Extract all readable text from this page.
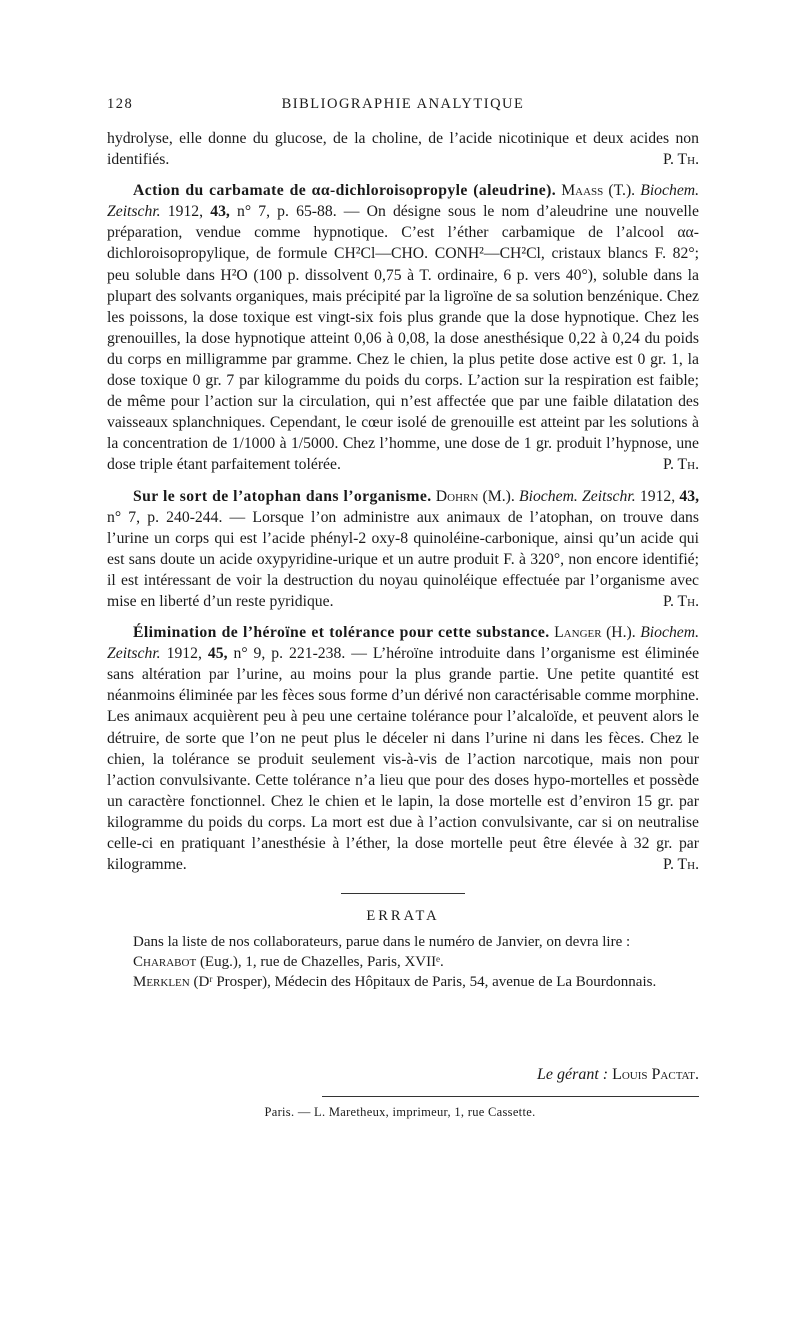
128	BIBLIOGRAPHIE ANALYTIQUE

hydrolyse, elle donne du glucose, de la choline, de l’acide nicotinique et deux acides non identifiés.	P. Th.

Action du carbamate de αα-dichloroisopropyle (aleudrine). Maass (T.). Biochem. Zeitschr. 1912, 43, n° 7, p. 65-88. — On désigne sous le nom d’aleudrine une nouvelle préparation, vendue comme hypnotique. C’est l’éther carbamique de l’alcool αα-dichloroisopropylique, de formule CH²Cl—CHO. CONH²—CH²Cl, cristaux blancs F. 82°; peu soluble dans H²O (100 p. dissolvent 0,75 à T. ordinaire, 6 p. vers 40°), soluble dans la plupart des solvants organiques, mais précipité par la ligroïne de sa solution benzénique. Chez les poissons, la dose toxique est vingt-six fois plus grande que la dose hypnotique. Chez les grenouilles, la dose hypnotique atteint 0,06 à 0,08, la dose anesthésique 0,22 à 0,24 du poids du corps en milligramme par gramme. Chez le chien, la plus petite dose active est 0 gr. 1, la dose toxique 0 gr. 7 par kilogramme du poids du corps. L’action sur la respiration est faible; de même pour l’action sur la circulation, qui n’est affectée que par une faible dilatation des vaisseaux splanchniques. Cependant, le cœur isolé de grenouille est atteint par les solutions à la concentration de 1/1000 à 1/5000. Chez l’homme, une dose de 1 gr. produit l’hypnose, une dose triple étant parfaitement tolérée.	P. Th.

Sur le sort de l’atophan dans l’organisme. Dohrn (M.). Biochem. Zeitschr. 1912, 43, n° 7, p. 240-244. — Lorsque l’on administre aux animaux de l’atophan, on trouve dans l’urine un corps qui est l’acide phényl-2 oxy-8 quinoléine-carbonique, ainsi qu’un acide qui est sans doute un acide oxypyridine-urique et un autre produit F. à 320°, non encore identifié; il est intéressant de voir la destruction du noyau quinoléique effectuée par l’organisme avec mise en liberté d’un reste pyridique.	P. Th.

Élimination de l’héroïne et tolérance pour cette substance. Langer (H.). Biochem. Zeitschr. 1912, 45, n° 9, p. 221-238. — L’héroïne introduite dans l’organisme est éliminée sans altération par l’urine, au moins pour la plus grande partie. Une petite quantité est néanmoins éliminée par les fèces sous forme d’un dérivé non caractérisable comme morphine. Les animaux acquièrent peu à peu une certaine tolérance pour l’alcaloïde, et peuvent alors le détruire, de sorte que l’on ne peut plus le déceler ni dans l’urine ni dans les fèces. Chez le chien, la tolérance se produit seulement vis-à-vis de l’action narcotique, mais non pour l’action convulsivante. Cette tolérance n’a lieu que pour des doses hypo-mortelles et possède un caractère fonctionnel. Chez le chien et le lapin, la dose mortelle est d’environ 15 gr. par kilogramme du poids du corps. La mort est due à l’action convulsivante, car si on neutralise celle-ci en pratiquant l’anesthésie à l’éther, la dose mortelle peut être élevée à 32 gr. par kilogramme.	P. Th.

ERRATA

Dans la liste de nos collaborateurs, parue dans le numéro de Janvier, on devra lire :

Charabot (Eug.), 1, rue de Chazelles, Paris, XVIIᵉ.

Merklen (Dʳ Prosper), Médecin des Hôpitaux de Paris, 54, avenue de La Bourdonnais.

Le gérant : Louis Pactat.
Paris. — L. Maretheux, imprimeur, 1, rue Cassette.
